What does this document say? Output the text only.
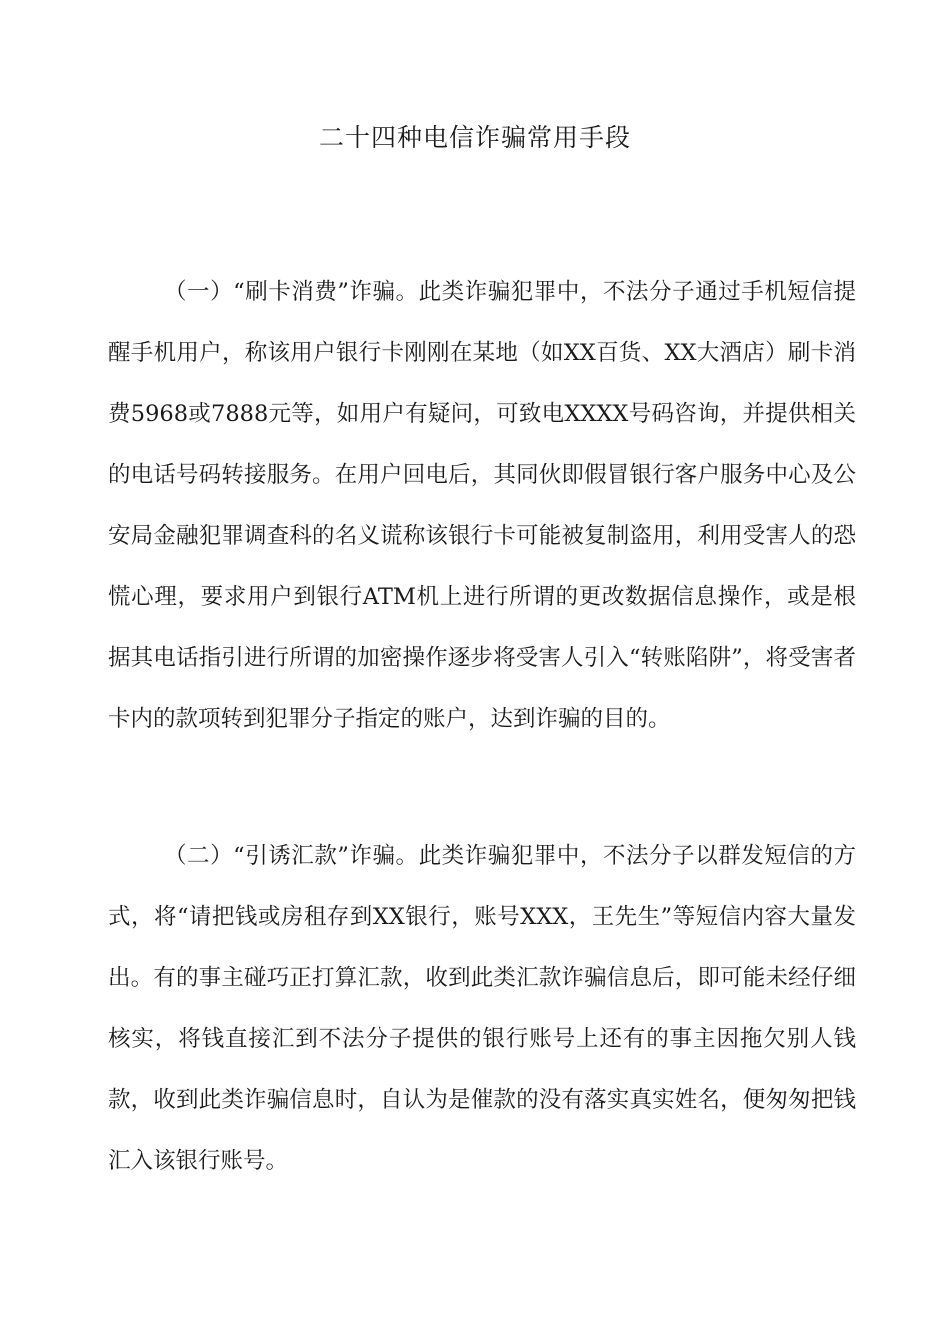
二十四种电信诈骗常用手段

（一）“刷卡消费”诈骗。此类诈骗犯罪中，不法分子通过手机短信提醒手机用户，称该用户银行卡刚刚在某地（如XX百货、XX大酒店）刷卡消费5968或7888元等，如用户有疑问，可致电XXXX号码咨询，并提供相关的电话号码转接服务。在用户回电后，其同伙即假冒银行客户服务中心及公安局金融犯罪调查科的名义谎称该银行卡可能被复制盗用，利用受害人的恐慌心理，要求用户到银行ATM机上进行所谓的更改数据信息操作，或是根据其电话指引进行所谓的加密操作逐步将受害人引入“转账陷阱”，将受害者卡内的款项转到犯罪分子指定的账户，达到诈骗的目的。

（二）“引诱汇款”诈骗。此类诈骗犯罪中，不法分子以群发短信的方式，将“请把钱或房租存到XX银行，账号XXX，王先生”等短信内容大量发出。有的事主碰巧正打算汇款，收到此类汇款诈骗信息后，即可能未经仔细核实，将钱直接汇到不法分子提供的银行账号上还有的事主因拖欠别人钱款，收到此类诈骗信息时，自认为是催款的没有落实真实姓名，便匆匆把钱汇入该银行账号。
